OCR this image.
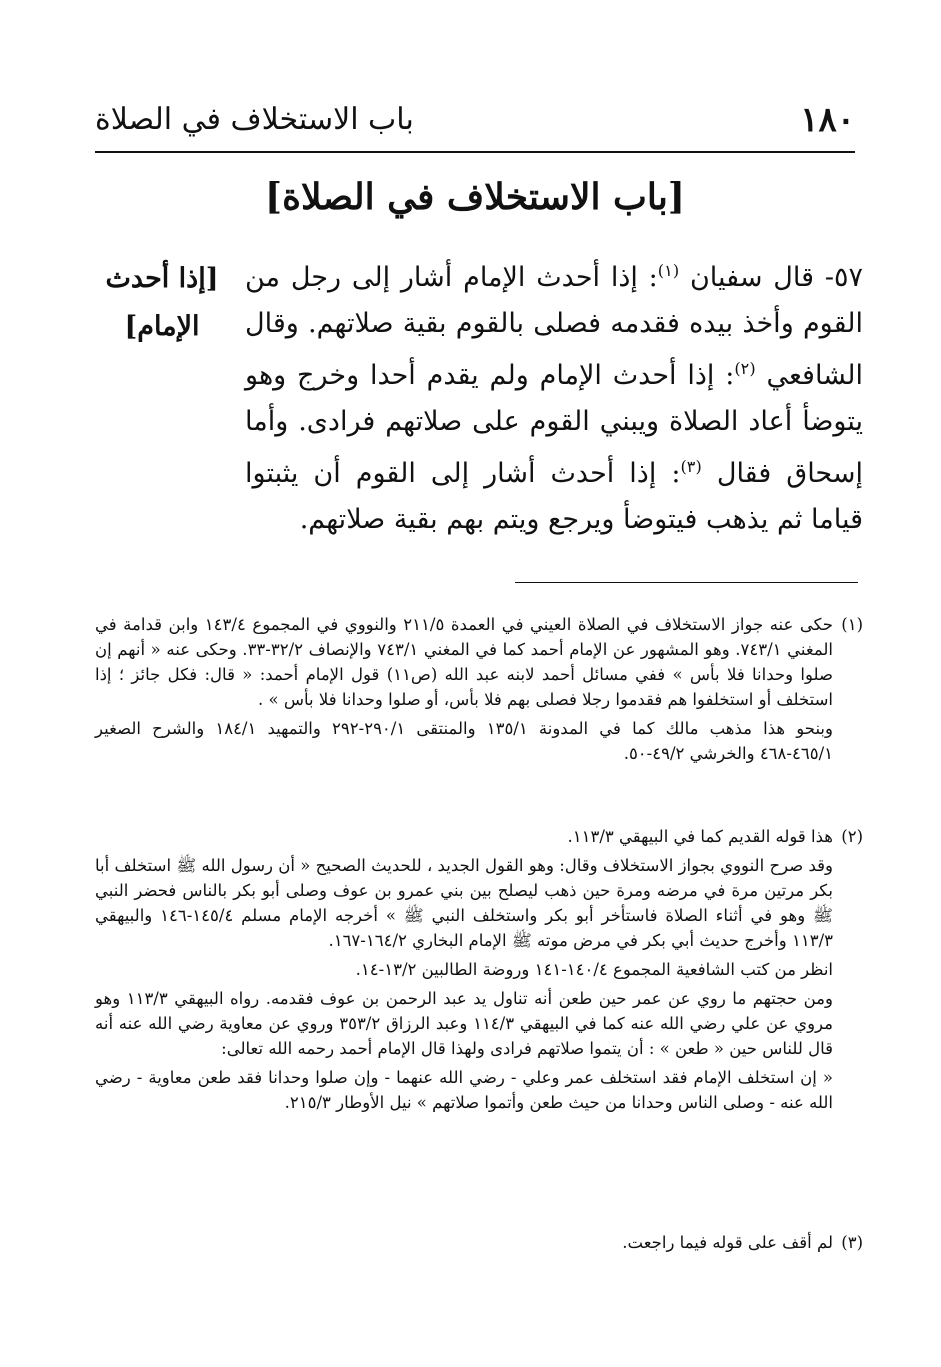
١٨٠
باب الاستخلاف في الصلاة
[باب الاستخلاف في الصلاة]
[إذا أحدث
الإمام]
٥٧- قال سفيان $^{(١)}$: إذا أحدث الإمام أشار إلى رجل من القوم وأخذ بيده فقدمه فصلى بالقوم بقية صلاتهم. وقال الشافعي $^{(٢)}$: إذا أحدث الإمام ولم يقدم أحدا وخرج وهو يتوضأ أعاد الصلاة ويبني القوم على صلاتهم فرادى. وأما إسحاق فقال $^{(٣)}$: إذا أحدث أشار إلى القوم أن يثبتوا قياما ثم يذهب فيتوضأ ويرجع ويتم بهم بقية صلاتهم.
(١)

حكى عنه جواز الاستخلاف في الصلاة العيني في العمدة ٢١١/٥ والنووي في المجموع ١٤٣/٤ وابن قدامة في المغني ٧٤٣/١. وهو المشهور عن الإمام أحمد كما في المغني ٧٤٣/١ والإنصاف ٣٢/٢-٣٣. وحكى عنه « أنهم إن صلوا وحدانا فلا بأس » ففي مسائل أحمد لابنه عبد الله (ص١١) قول الإمام أحمد: « قال: فكل جائز ؛ إذا استخلف أو استخلفوا هم فقدموا رجلا فصلى بهم فلا بأس، أو صلوا وحدانا فلا بأس » .

وبنحو هذا مذهب مالك كما في المدونة ١٣٥/١ والمنتقى ٢٩٠/١-٢٩٢ والتمهيد ١٨٤/١ والشرح الصغير ٤٦٥/١-٤٦٨ والخرشي ٤٩/٢-٥٠.

(٢)

هذا قوله القديم كما في البيهقي ١١٣/٣.

وقد صرح النووي بجواز الاستخلاف وقال: وهو القول الجديد ، للحديث الصحيح « أن رسول الله ﷺ استخلف أبا بكر مرتين مرة في مرضه ومرة حين ذهب ليصلح بين بني عمرو بن عوف وصلى أبو بكر بالناس فحضر النبي ﷺ وهو في أثناء الصلاة فاستأخر أبو بكر واستخلف النبي ﷺ » أخرجه الإمام مسلم ١٤٥/٤-١٤٦ والبيهقي ١١٣/٣ وأخرج حديث أبي بكر في مرض موته ﷺ الإمام البخاري ١٦٤/٢-١٦٧.

انظر من كتب الشافعية المجموع ١٤٠/٤-١٤١ وروضة الطالبين ١٣/٢-١٤.

ومن حجتهم ما روي عن عمر حين طعن أنه تناول يد عبد الرحمن بن عوف فقدمه. رواه البيهقي ١١٣/٣ وهو مروي عن علي رضي الله عنه كما في البيهقي ١١٤/٣ وعبد الرزاق ٣٥٣/٢ وروي عن معاوية رضي الله عنه أنه قال للناس حين « طعن » : أن يتموا صلاتهم فرادى ولهذا قال الإمام أحمد رحمه الله تعالى:

« إن استخلف الإمام فقد استخلف عمر وعلي - رضي الله عنهما - وإن صلوا وحدانا فقد طعن معاوية - رضي الله عنه - وصلى الناس وحدانا من حيث طعن وأتموا صلاتهم » نيل الأوطار ٢١٥/٣.

(٣)

لم أقف على قوله فيما راجعت.
